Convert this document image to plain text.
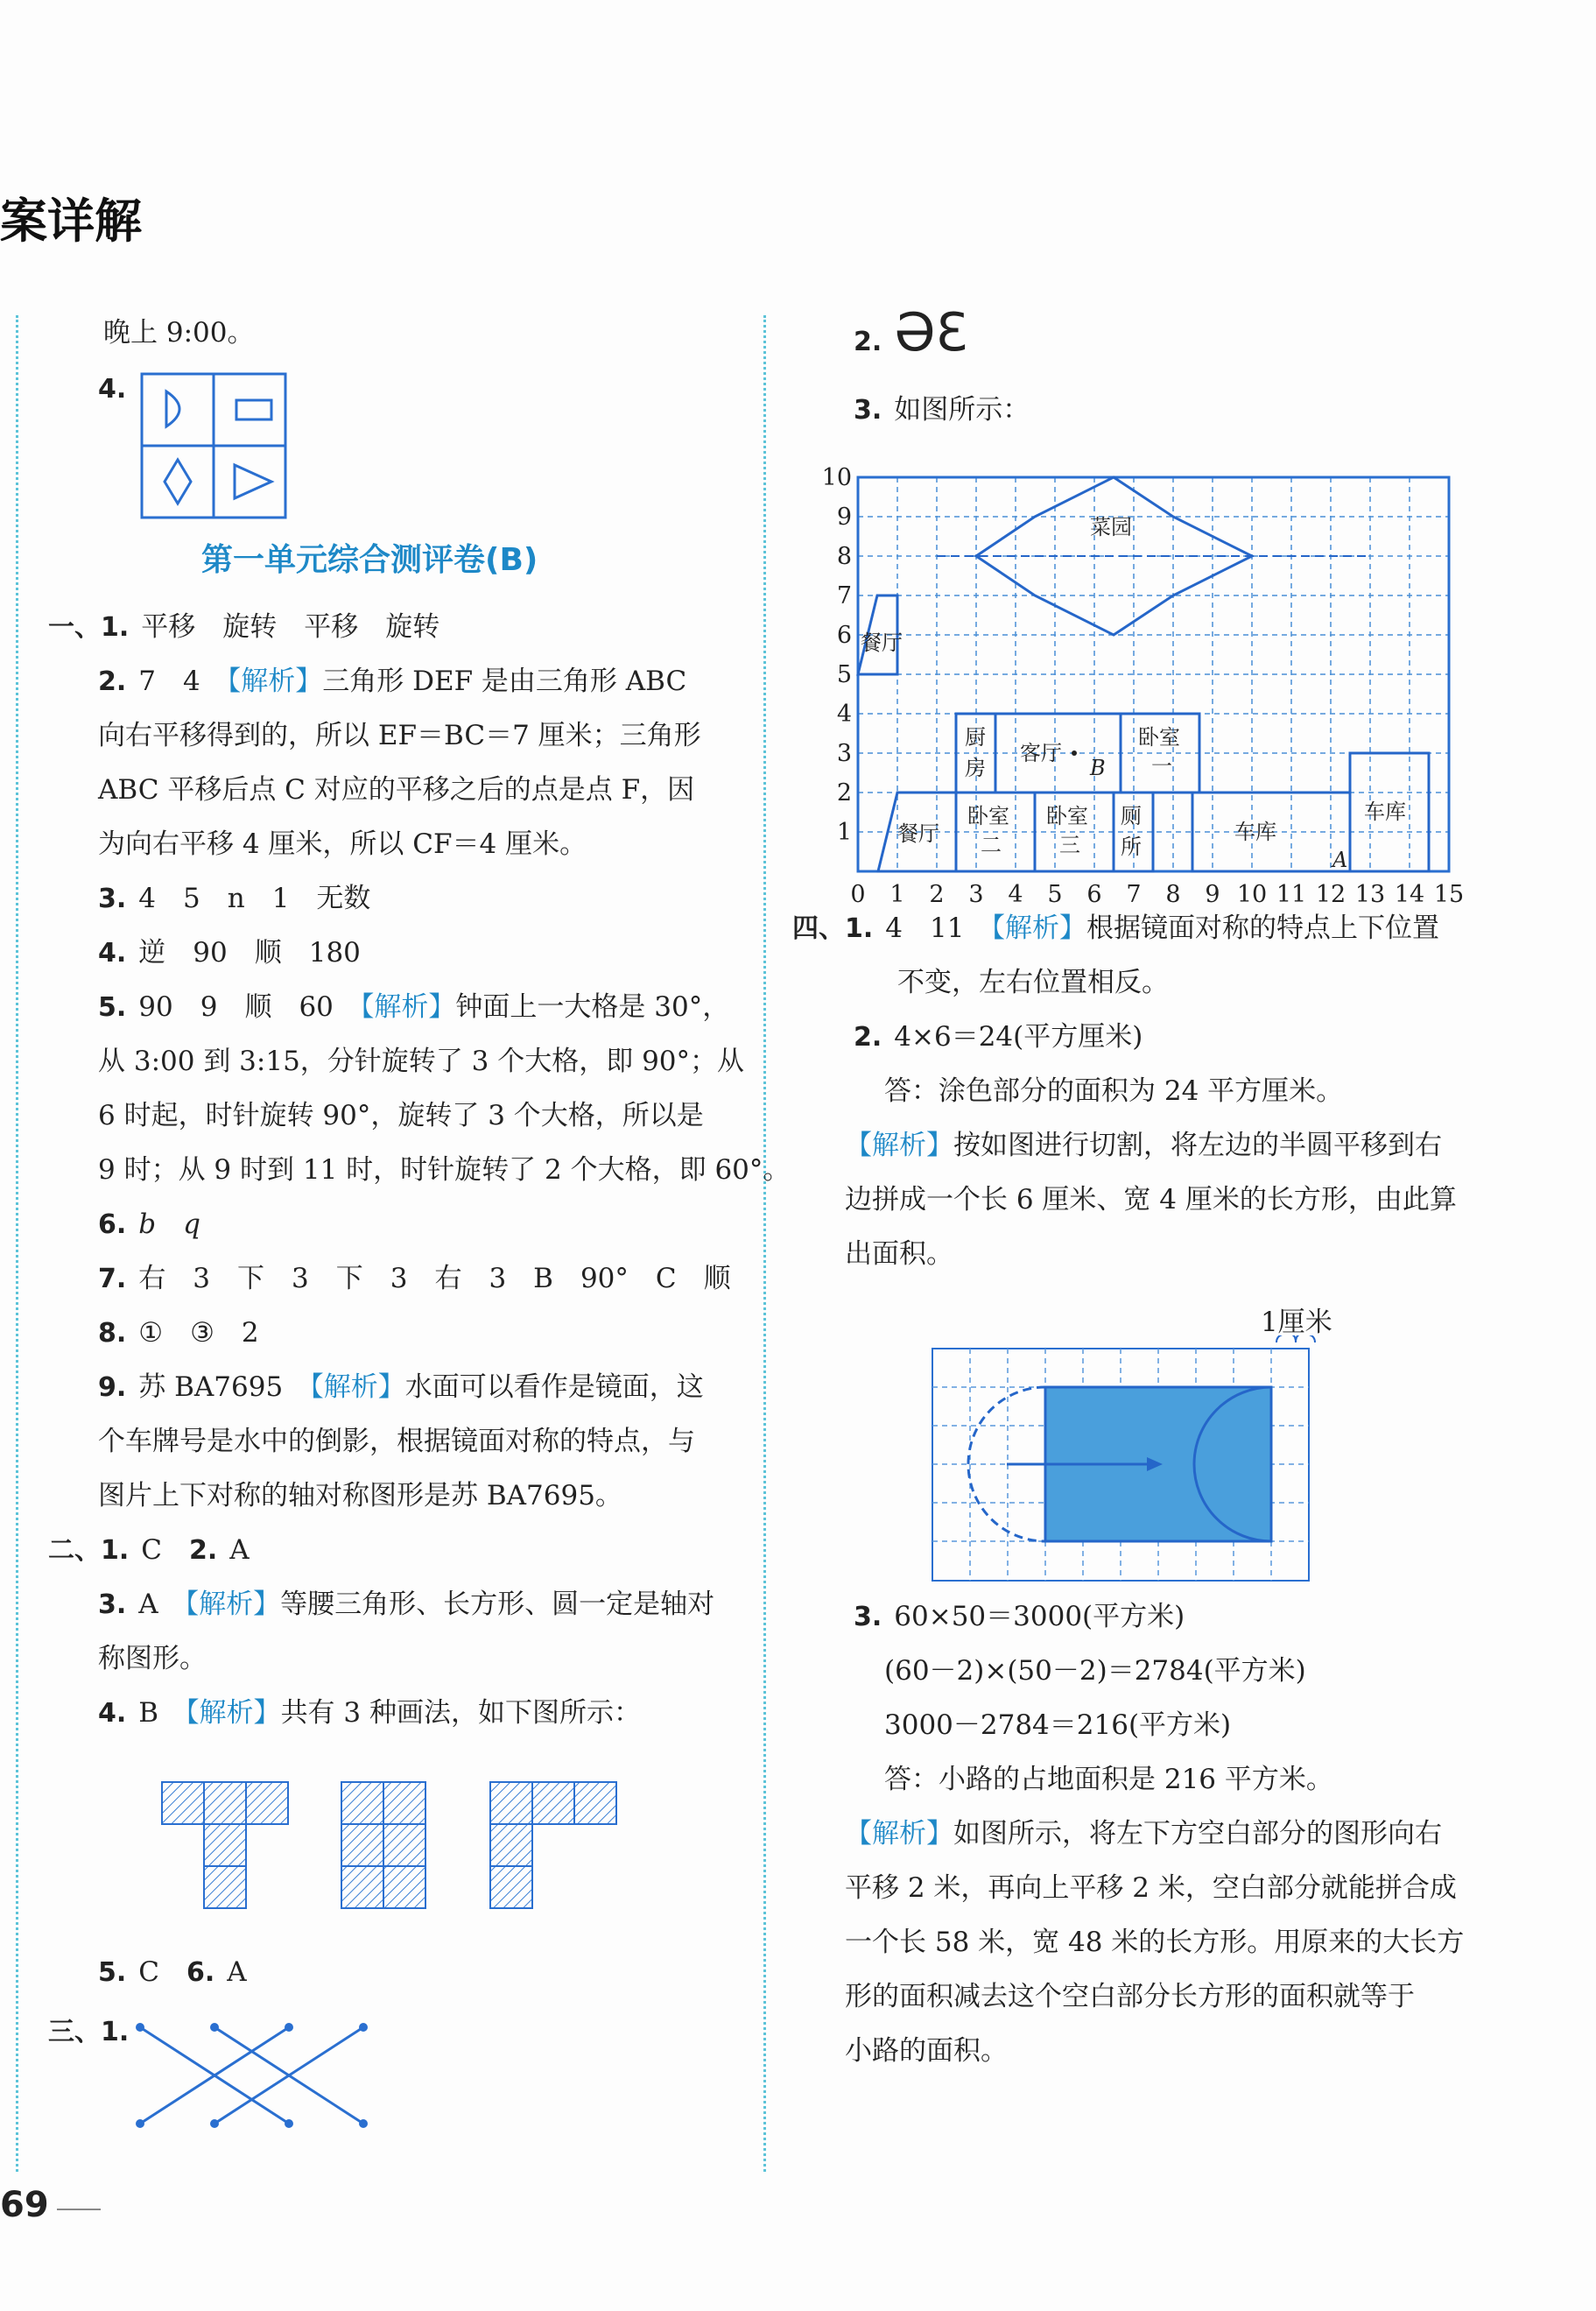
案详解
晚上 9:00。
4.
第一单元综合测评卷(B)
一、1. 平移　旋转　平移　旋转
2. 7　4　【解析】三角形 DEF 是由三角形 ABC
向右平移得到的，所以 EF＝BC＝7 厘米；三角形
ABC 平移后点 C 对应的平移之后的点是点 F，因
为向右平移 4 厘米，所以 CF＝4 厘米。
3. 4　5　n　1　无数
4. 逆　90　顺　180
5. 90　9　顺　60　【解析】钟面上一大格是 30°，
从 3:00 到 3:15，分针旋转了 3 个大格，即 90°；从
6 时起，时针旋转 90°，旋转了 3 个大格，所以是
9 时；从 9 时到 11 时，时针旋转了 2 个大格，即 60°。
6. b　q
7. 右　3　下　3　下　3　右　3　B　90°　C　顺
8. ①　③　2
9. 苏 BA7695　【解析】水面可以看作是镜面，这
个车牌号是水中的倒影，根据镜面对称的特点，与
图片上下对称的轴对称图形是苏 BA7695。
二、1. C　2. A
3. A　【解析】等腰三角形、长方形、圆一定是轴对
称图形。
4. B　【解析】共有 3 种画法，如下图所示：
5. C　6. A
三、1.
69
2. ƏƐ
3. 如图所示：
10
9
8
7
6
5
4
3
2
1
0 1 2 3 4 5 6 7 8 9 10 11 12 13 14 15
菜园
餐厅
厨
房
客厅
卧室
一
卧室
二
卧室
三
厕
所
车库
车库
餐厅
B
A
四、1. 4　11　【解析】根据镜面对称的特点上下位置
不变，左右位置相反。
2. 4×6＝24(平方厘米)
答：涂色部分的面积为 24 平方厘米。
【解析】按如图进行切割，将左边的半圆平移到右
边拼成一个长 6 厘米、宽 4 厘米的长方形，由此算
出面积。
1厘米
3. 60×50＝3000(平方米)
(60－2)×(50－2)＝2784(平方米)
3000－2784＝216(平方米)
答：小路的占地面积是 216 平方米。
【解析】如图所示，将左下方空白部分的图形向右
平移 2 米，再向上平移 2 米，空白部分就能拼合成
一个长 58 米，宽 48 米的长方形。用原来的大长方
形的面积减去这个空白部分长方形的面积就等于
小路的面积。
